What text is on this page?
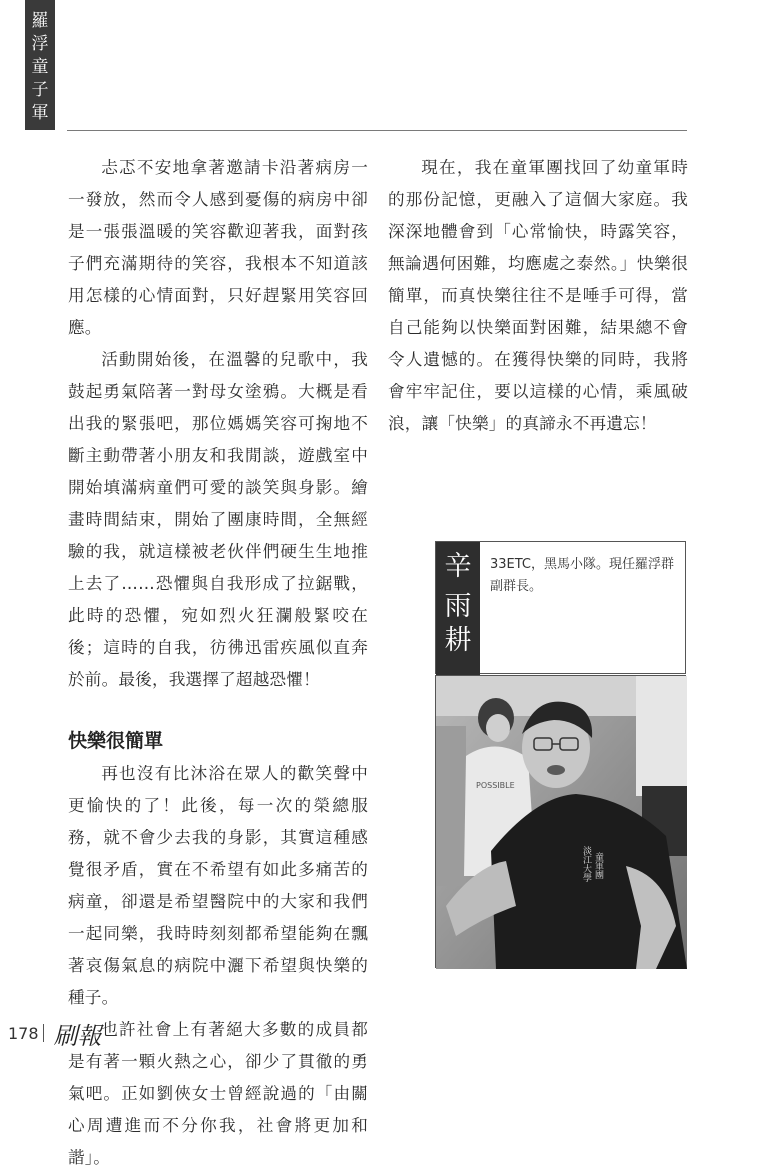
羅
浮
童
子
軍

忐忑不安地拿著邀請卡沿著病房一一發放，然而令人感到憂傷的病房中卻是一張張溫暖的笑容歡迎著我，面對孩子們充滿期待的笑容，我根本不知道該用怎樣的心情面對，只好趕緊用笑容回應。

活動開始後，在溫馨的兒歌中，我鼓起勇氣陪著一對母女塗鴉。大概是看出我的緊張吧，那位媽媽笑容可掬地不斷主動帶著小朋友和我閒談，遊戲室中開始填滿病童們可愛的談笑與身影。繪畫時間結束，開始了團康時間，全無經驗的我，就這樣被老伙伴們硬生生地推上去了……恐懼與自我形成了拉鋸戰，此時的恐懼，宛如烈火狂瀾般緊咬在後；這時的自我，彷彿迅雷疾風似直奔於前。最後，我選擇了超越恐懼！

快樂很簡單

再也沒有比沐浴在眾人的歡笑聲中更愉快的了！此後，每一次的榮總服務，就不會少去我的身影，其實這種感覺很矛盾，實在不希望有如此多痛苦的病童，卻還是希望醫院中的大家和我們一起同樂，我時時刻刻都希望能夠在飄著哀傷氣息的病院中灑下希望與快樂的種子。

也許社會上有著絕大多數的成員都是有著一顆火熱之心，卻少了貫徹的勇氣吧。正如劉俠女士曾經說過的「由關心周遭進而不分你我，社會將更加和諧」。

現在，我在童軍團找回了幼童軍時的那份記憶，更融入了這個大家庭。我深深地體會到「心常愉快，時露笑容，無論遇何困難，均應處之泰然。」快樂很簡單，而真快樂往往不是唾手可得，當自己能夠以快樂面對困難，結果總不會令人遺憾的。在獲得快樂的同時，我將會牢牢記住，要以這樣的心情，乘風破浪，讓「快樂」的真諦永不再遺忘！

辛
雨
耕
33ETC，黑馬小隊。現任羅浮群副群長。
POSSIBLE
淡江大學 童軍團
178 刷報
